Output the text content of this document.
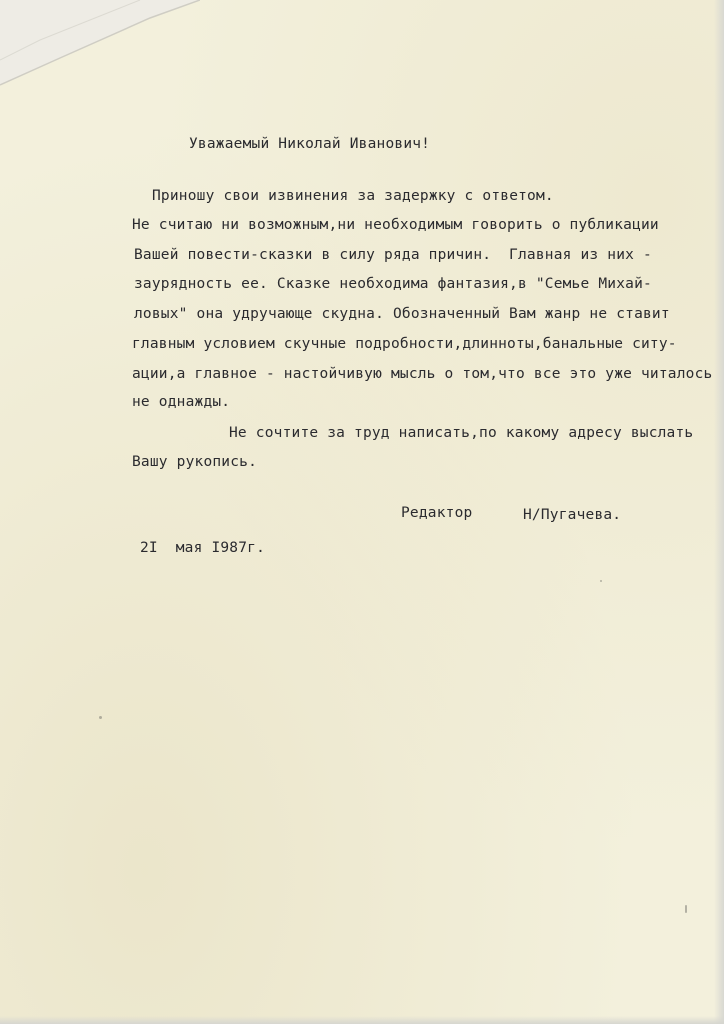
Уважаемый Николай Иванович!
Приношу свои извинения за задержку с ответом.
Не считаю ни возможным,ни необходимым говорить о публикации
Вашей повести-сказки в силу ряда причин.  Главная из них -
заурядность ее. Сказке необходима фантазия,в "Семье Михай-
ловых" она удручающе скудна. Обозначенный Вам жанр не ставит
главным условием скучные подробности,длинноты,банальные ситу-
ации,а главное - настойчивую мысль о том,что все это уже читалось
не однажды.
Не сочтите за труд написать,по какому адресу выслать
Вашу рукопись.
Редактор	Н/Пугачева.
2I  мая I987г.
